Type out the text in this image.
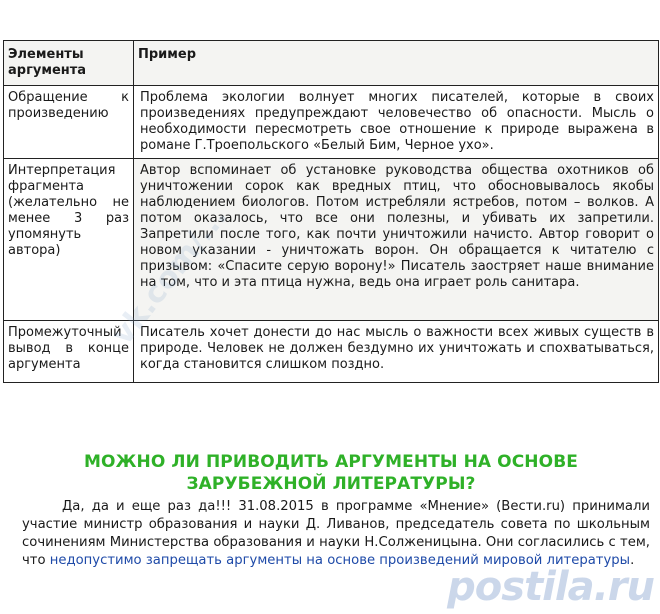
Элементы аргумента	Пример
Обращение к произведению	Проблема экологии волнует многих писателей, которые в своих произведениях предупреждают человечество об опасности. Мысль о необходимости пересмотреть свое отношение к природе выражена в романе Г.Троепольского «Белый Бим, Черное ухо».
Интерпретация фрагмента (желательно не менее 3 раз упомянуть автора)	Автор вспоминает об установке руководства общества охотников об уничтожении сорок как вредных птиц, что обосновывалось якобы наблюдением биологов. Потом истребляли ястребов, потом – волков. А потом оказалось, что все они полезны, и убивать их запретили. Запретили после того, как почти уничтожили начисто. Автор говорит о новом указании - уничтожать ворон. Он обращается к читателю с призывом: «Спасите серую ворону!» Писатель заостряет наше внимание на том, что и эта птица нужна, ведь она играет роль санитара.
Промежуточный вывод в конце аргумента	Писатель хочет донести до нас мысль о важности всех живых существ в природе. Человек не должен бездумно их уничтожать и спохватываться, когда становится слишком поздно.
МОЖНО ЛИ ПРИВОДИТЬ АРГУМЕНТЫ НА ОСНОВЕ ЗАРУБЕЖНОЙ ЛИТЕРАТУРЫ?
Да, да и еще раз да!!! 31.08.2015 в программе «Мнение» (Вести.ru) принимали участие министр образования и науки Д. Ливанов, председатель совета по школьным сочинениям Министерства образования и науки Н.Солженицына. Они согласились с тем, что недопустимо запрещать аргументы на основе произведений мировой литературы.
postila.ru
